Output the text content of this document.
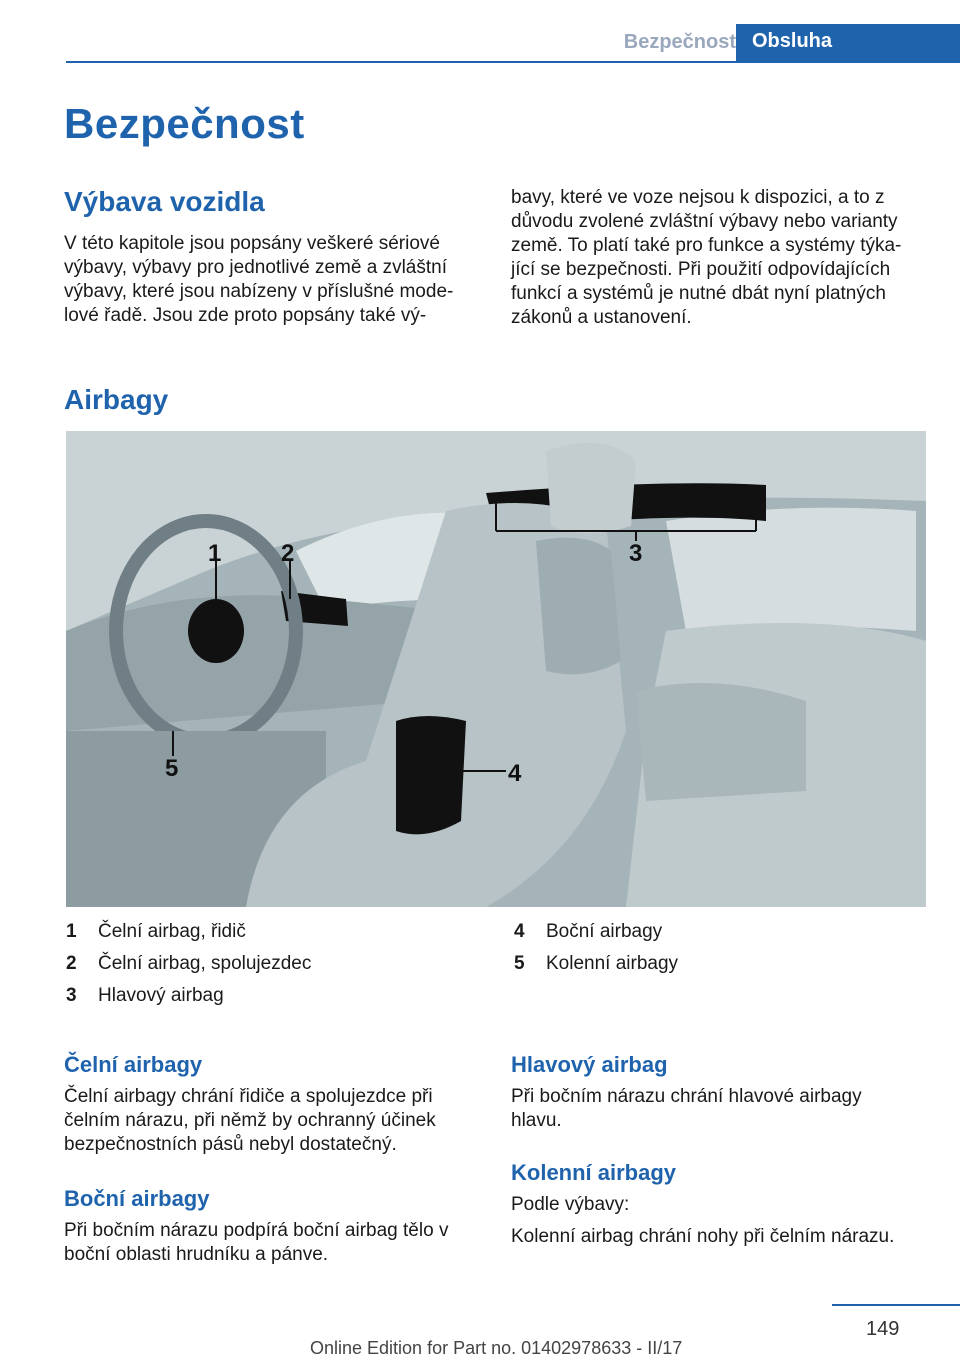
Bezpečnost Obsluha
Bezpečnost
Výbava vozidla
V této kapitole jsou popsány veškeré sériové
výbavy, výbavy pro jednotlivé země a zvláštní
výbavy, které jsou nabízeny v příslušné mode-
lové řadě. Jsou zde proto popsány také vý-
bavy, které ve voze nejsou k dispozici, a to z
důvodu zvolené zvláštní výbavy nebo varianty
země. To platí také pro funkce a systémy týka-
jící se bezpečnosti. Při použití odpovídajících
funkcí a systémů je nutné dbát nyní platných
zákonů a ustanovení.
Airbagy
1 2	3
4
5
1 Čelní airbag, řidič
2 Čelní airbag, spolujezdec
3 Hlavový airbag
4 Boční airbagy
5 Kolenní airbagy
Čelní airbagy
Čelní airbagy chrání řidiče a spolujezdce při
čelním nárazu, při němž by ochranný účinek
bezpečnostních pásů nebyl dostatečný.
Boční airbagy
Při bočním nárazu podpírá boční airbag tělo v
boční oblasti hrudníku a pánve.
Hlavový airbag
Při bočním nárazu chrání hlavové airbagy
hlavu.
Kolenní airbagy
Podle výbavy:
Kolenní airbag chrání nohy při čelním nárazu.
149
Online Edition for Part no. 01402978633 - II/17
